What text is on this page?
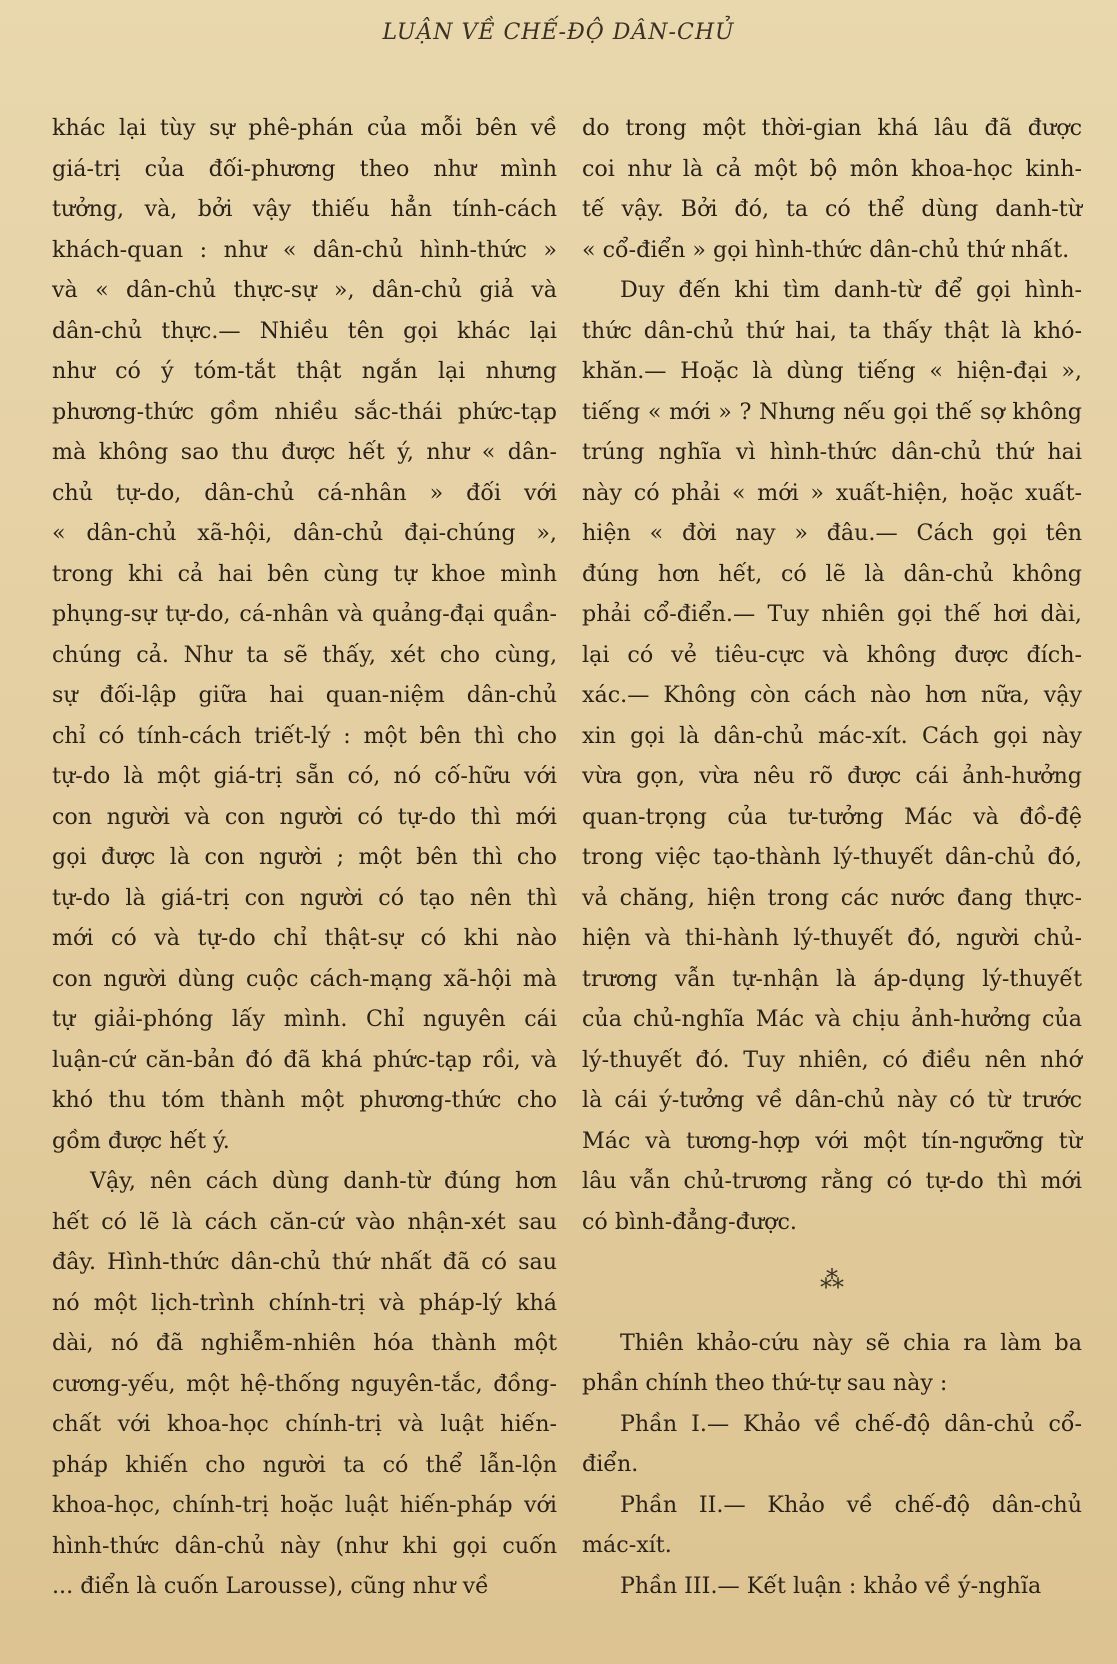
LUẬN VỀ CHẾ-ĐỘ DÂN-CHỦ
khác lại tùy sự phê-phán của mỗi bên về
giá-trị của đối-phương theo như mình
tưởng, và, bởi vậy thiếu hẳn tính-cách
khách-quan : như « dân-chủ hình-thức »
và « dân-chủ thực-sự », dân-chủ giả và
dân-chủ thực.— Nhiều tên gọi khác lại
như có ý tóm-tắt thật ngắn lại nhưng
phương-thức gồm nhiều sắc-thái phức-tạp
mà không sao thu được hết ý, như « dân-
chủ tự-do, dân-chủ cá-nhân » đối với
« dân-chủ xã-hội, dân-chủ đại-chúng »,
trong khi cả hai bên cùng tự khoe mình
phụng-sự tự-do, cá-nhân và quảng-đại quần-
chúng cả. Như ta sẽ thấy, xét cho cùng,
sự đối-lập giữa hai quan-niệm dân-chủ
chỉ có tính-cách triết-lý : một bên thì cho
tự-do là một giá-trị sẵn có, nó cố-hữu với
con người và con người có tự-do thì mới
gọi được là con người ; một bên thì cho
tự-do là giá-trị con người có tạo nên thì
mới có và tự-do chỉ thật-sự có khi nào
con người dùng cuộc cách-mạng xã-hội mà
tự giải-phóng lấy mình. Chỉ nguyên cái
luận-cứ căn-bản đó đã khá phức-tạp rồi, và
khó thu tóm thành một phương-thức cho
gồm được hết ý.
Vậy, nên cách dùng danh-từ đúng hơn
hết có lẽ là cách căn-cứ vào nhận-xét sau
đây. Hình-thức dân-chủ thứ nhất đã có sau
nó một lịch-trình chính-trị và pháp-lý khá
dài, nó đã nghiễm-nhiên hóa thành một
cương-yếu, một hệ-thống nguyên-tắc, đồng-
chất với khoa-học chính-trị và luật hiến-
pháp khiến cho người ta có thể lẫn-lộn
khoa-học, chính-trị hoặc luật hiến-pháp với
hình-thức dân-chủ này (như khi gọi cuốn
... điển là cuốn Larousse), cũng như về
do trong một thời-gian khá lâu đã được
coi như là cả một bộ môn khoa-học kinh-
tế vậy. Bởi đó, ta có thể dùng danh-từ
« cổ-điển » gọi hình-thức dân-chủ thứ nhất.
Duy đến khi tìm danh-từ để gọi hình-
thức dân-chủ thứ hai, ta thấy thật là khó-
khăn.— Hoặc là dùng tiếng « hiện-đại »,
tiếng « mới » ? Nhưng nếu gọi thế sợ không
trúng nghĩa vì hình-thức dân-chủ thứ hai
này có phải « mới » xuất-hiện, hoặc xuất-
hiện « đời nay » đâu.— Cách gọi tên
đúng hơn hết, có lẽ là dân-chủ không
phải cổ-điển.— Tuy nhiên gọi thế hơi dài,
lại có vẻ tiêu-cực và không được đích-
xác.— Không còn cách nào hơn nữa, vậy
xin gọi là dân-chủ mác-xít. Cách gọi này
vừa gọn, vừa nêu rõ được cái ảnh-hưởng
quan-trọng của tư-tưởng Mác và đồ-đệ
trong việc tạo-thành lý-thuyết dân-chủ đó,
vả chăng, hiện trong các nước đang thực-
hiện và thi-hành lý-thuyết đó, người chủ-
trương vẫn tự-nhận là áp-dụng lý-thuyết
của chủ-nghĩa Mác và chịu ảnh-hưởng của
lý-thuyết đó. Tuy nhiên, có điều nên nhớ
là cái ý-tưởng về dân-chủ này có từ trước
Mác và tương-hợp với một tín-ngưỡng từ
lâu vẫn chủ-trương rằng có tự-do thì mới
có bình-đẳng-được.
⁂
Thiên khảo-cứu này sẽ chia ra làm ba
phần chính theo thứ-tự sau này :
Phần I.— Khảo về chế-độ dân-chủ cổ-
điển.
Phần II.— Khảo về chế-độ dân-chủ
mác-xít.
Phần III.— Kết luận : khảo về ý-nghĩa
